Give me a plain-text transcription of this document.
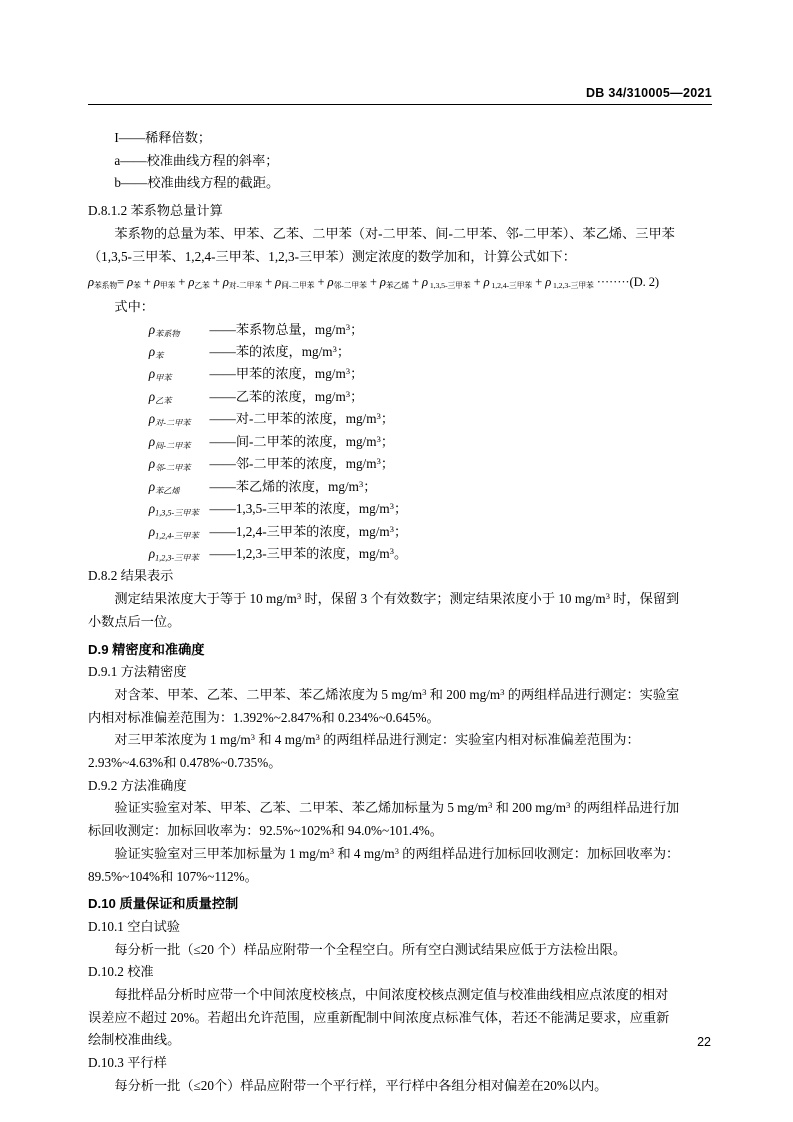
DB 34/310005—2021

I——稀释倍数；

a——校准曲线方程的斜率；

b——校准曲线方程的截距。

D.8.1.2 苯系物总量计算

苯系物的总量为苯、甲苯、乙苯、二甲苯（对-二甲苯、间-二甲苯、邻-二甲苯）、苯乙烯、三甲苯

（1,3,5-三甲苯、1,2,4-三甲苯、1,2,3-三甲苯）测定浓度的数学加和，计算公式如下：

$\rho_{苯系物}= \rho_苯 + \rho_{甲苯} + \rho_{乙苯} + \rho_{对-二甲苯} + \rho_{间-二甲苯} + \rho_{邻-二甲苯} + \rho_{苯乙烯} + \rho$ $_{1,3,5-三甲苯}$ + ρ $_{1,2,4-三甲苯}$ + ρ $_{1,2,3-三甲苯}$ ········(D. 2)

式中：

$\rho_{苯系物}$ ——苯系物总量，$mg/m^3$；

$\rho_苯$	——苯的浓度，$mg/m^3$；

$\rho_{甲苯}$	——甲苯的浓度，$mg/m^3$；

$\rho_{乙苯}$	——乙苯的浓度，$mg/m^3$；

$\rho_{对-二甲苯}$ ——对-二甲苯的浓度，$mg/m^3$；

$\rho_{间-二甲苯}$ ——间-二甲苯的浓度，$mg/m^3$；

$\rho_{邻-二甲苯}$ ——邻-二甲苯的浓度，$mg/m^3$；

$\rho_{苯乙烯}$ ——苯乙烯的浓度，$mg/m^3$；

$\rho_{1,3,5-三甲苯}$ ——1,3,5-三甲苯的浓度，$mg/m^3$；

$\rho_{1,2,4-三甲苯}$ ——1,2,4-三甲苯的浓度，$mg/m^3$；

$\rho_{1,2,3-三甲苯}$ ——1,2,3-三甲苯的浓度，$mg/m^3$。

D.8.2 结果表示

测定结果浓度大于等于 10 $mg/m^3$ 时，保留 3 个有效数字；测定结果浓度小于 10 $mg/m^3$ 时，保留到

小数点后一位。

D.9 精密度和准确度

D.9.1 方法精密度

对含苯、甲苯、乙苯、二甲苯、苯乙烯浓度为 5 $mg/m^3$ 和 200 $mg/m^3$ 的两组样品进行测定：实验室

内相对标准偏差范围为：1.392%~2.847%和 0.234%~0.645%。

对三甲苯浓度为 1 $mg/m^3$ 和 4 $mg/m^3$ 的两组样品进行测定：实验室内相对标准偏差范围为：

2.93%~4.63%和 0.478%~0.735%。

D.9.2 方法准确度

验证实验室对苯、甲苯、乙苯、二甲苯、苯乙烯加标量为 5 $mg/m^3$ 和 200 $mg/m^3$ 的两组样品进行加

标回收测定：加标回收率为：92.5%~102%和 94.0%~101.4%。

验证实验室对三甲苯加标量为 1 $mg/m^3$ 和 4 $mg/m^3$ 的两组样品进行加标回收测定：加标回收率为：

89.5%~104%和 107%~112%。

D.10 质量保证和质量控制

D.10.1 空白试验

每分析一批（≤20 个）样品应附带一个全程空白。所有空白测试结果应低于方法检出限。

D.10.2 校准

每批样品分析时应带一个中间浓度校核点，中间浓度校核点测定值与校准曲线相应点浓度的相对

误差应不超过 20%。若超出允许范围，应重新配制中间浓度点标准气体，若还不能满足要求，应重新

绘制校准曲线。

D.10.3 平行样

每分析一批（≤20个）样品应附带一个平行样，平行样中各组分相对偏差在20%以内。

22
